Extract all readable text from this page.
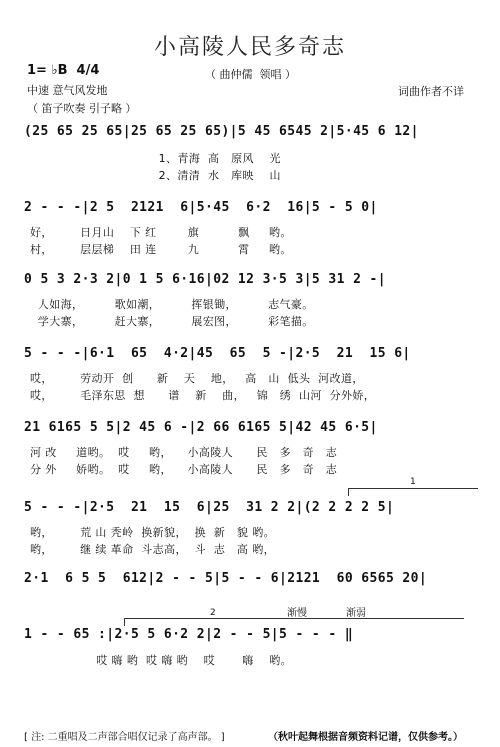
小高陵人民多奇志
（ 曲仲儒  领唱 ）
1= ♭B  4/4
中速 意气风发地
（ 笛子吹奏 引子略 ）
词曲作者不详
(25 65 25 65|25 65 25 65)|5 45 6545 2|5·45 6 12|
1、青海  高   原风    光
2、清清  水   库映    山
2 - - -|2 5  2121  6|5·45  6·2  16|5 - 5 0|
好，       日月山    下 红        旗          飘     哟。
村，       层层梯    田 连        九          霄     哟。
0 5 3 2·3 2|0 1 5 6·16|02 12 3·5 3|5 31 2 -|
人如海，        歌如潮，        挥银锄，        志气豪。
学大寨，        赶大寨，        展宏图，        彩笔描。
5 - - -|6·1  65  4·2|45  65  5 -|2·5  21  15 6|
哎，       劳动开  创      新    天    地，   高   山  低头  河改道，
哎，       毛泽东思  想      谱    新    曲，   锦   绣  山河  分外娇，
21 6165 5 5|2 45 6 -|2 66 6165 5|42 45 6·5|
河 改     道哟。  哎     哟，    小高陵人      民   多   奇   志
分 外     娇哟。  哎     哟，    小高陵人      民   多   奇   志
1
5 - - -|2·5  21  15  6|25  31 2 2|(2 2 2 2 5|
哟，       荒 山 秃岭  换新貌，  换  新   貌 哟。
哟，       继 续 革命  斗志高，  斗  志   高 哟，
2·1  6 5 5  612|2 - - 5|5 - - 6|2121  60 6565 20|
2	渐慢	渐弱
1 - - 65 :|2·5 5 6·2 2|2 - - 5|5 - - - ‖
哎 嗨 哟  哎 嗨 哟    哎       嗨    哟。
[ 注: 二重唱及二声部合唱仅记录了高声部。 ]	（秋叶起舞根据音频资料记谱，仅供参考。）
